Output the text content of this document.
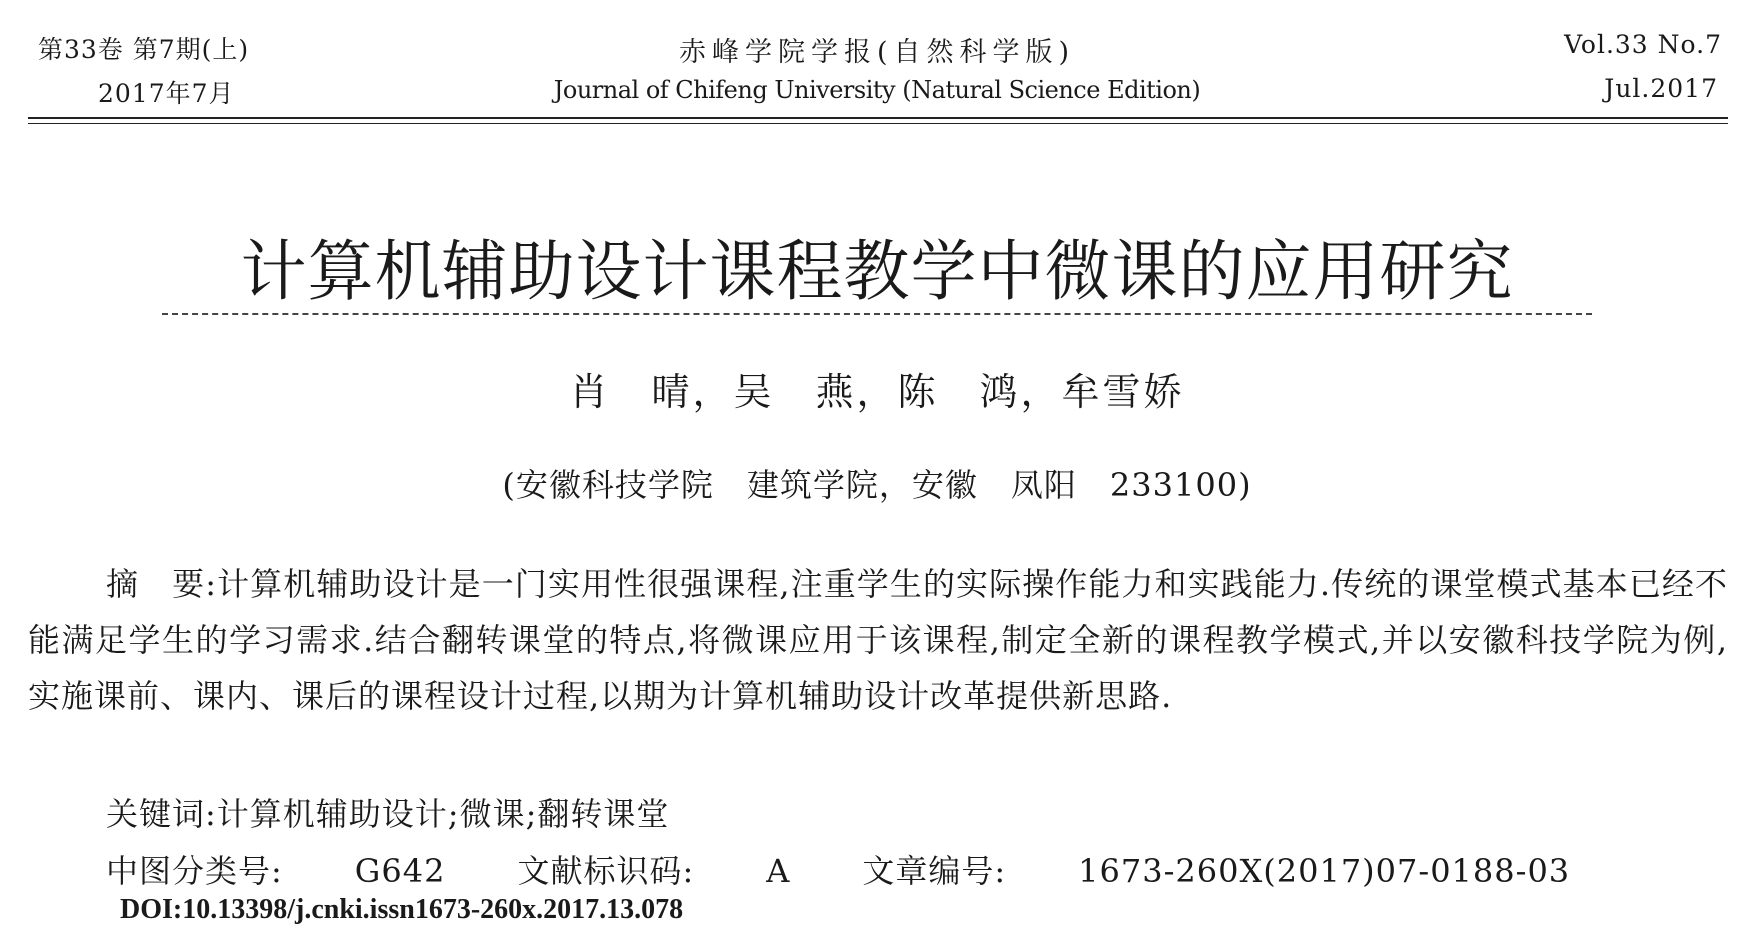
第33卷 第7期(上)
2017年7月
赤峰学院学报(自然科学版)
Journal of Chifeng University (Natural Science Edition)
Vol.33 No.7
Jul.2017
计算机辅助设计课程教学中微课的应用研究
肖　晴，吴　燕，陈　鸿，牟雪娇
(安徽科技学院　建筑学院，安徽　凤阳　233100)
摘　要:计算机辅助设计是一门实用性很强课程,注重学生的实际操作能力和实践能力.传统的课堂模式基本已经不能满足学生的学习需求.结合翻转课堂的特点,将微课应用于该课程,制定全新的课程教学模式,并以安徽科技学院为例,实施课前、课内、课后的课程设计过程,以期为计算机辅助设计改革提供新思路.
关键词:计算机辅助设计;微课;翻转课堂
中图分类号: G642 文献标识码: A 文章编号: 1673-260X(2017)07-0188-03
DOI:10.13398/j.cnki.issn1673-260x.2017.13.078
